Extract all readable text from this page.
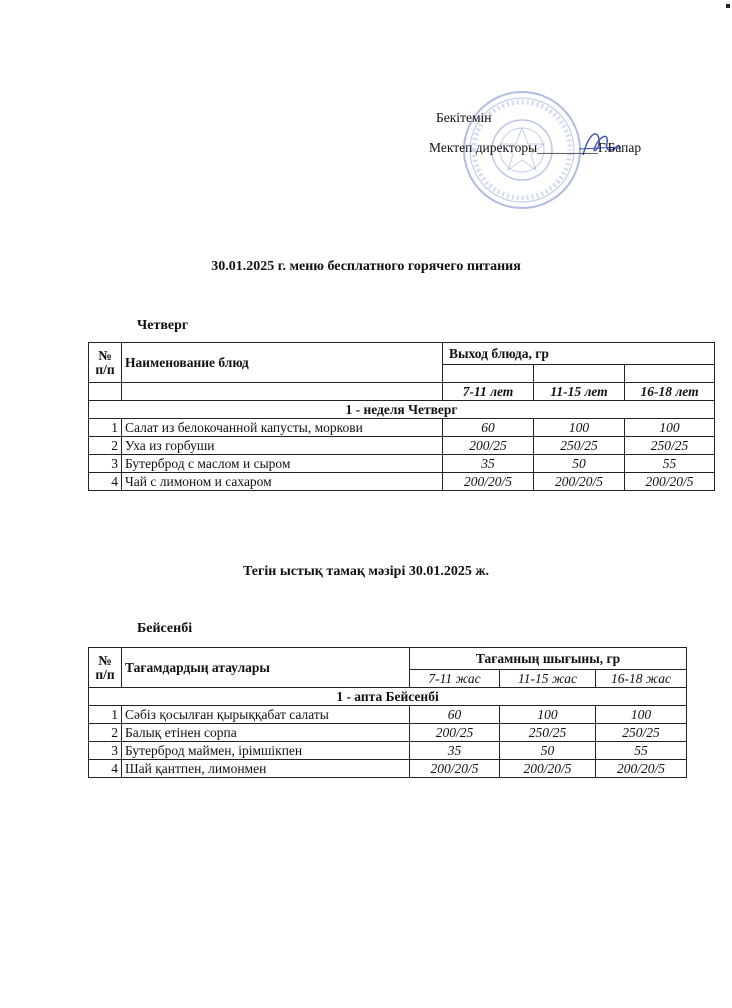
Бекітемін
Мектеп директоры_________Г.Бапар
30.01.2025 г. меню бесплатного горячего питания
Четверг
№
п/п	Наименование блюд	Выход блюда, гр		

		7-11 лет	11-15 лет	16-18 лет
1 - неделя Четверг				
1	Салат из белокочанной капусты, моркови	60	100	100
2	Уха из горбуши	200/25	250/25	250/25
3	Бутерброд с маслом и сыром	35	50	55
4	Чай с лимоном и сахаром	200/20/5	200/20/5	200/20/5
Тегін ыстық тамақ мәзірі 30.01.2025 ж.
Бейсенбі
№
п/п	Тағамдардың атаулары	Тағамның шығыны, гр		
		7-11 жас	11-15 жас	16-18 жас
1 - апта Бейсенбі				
1	Сәбіз қосылған қырыққабат салаты	60	100	100
2	Балық етінен сорпа	200/25	250/25	250/25
3	Бутерброд маймен, ірімшікпен	35	50	55
4	Шай қантпен, лимонмен	200/20/5	200/20/5	200/20/5
